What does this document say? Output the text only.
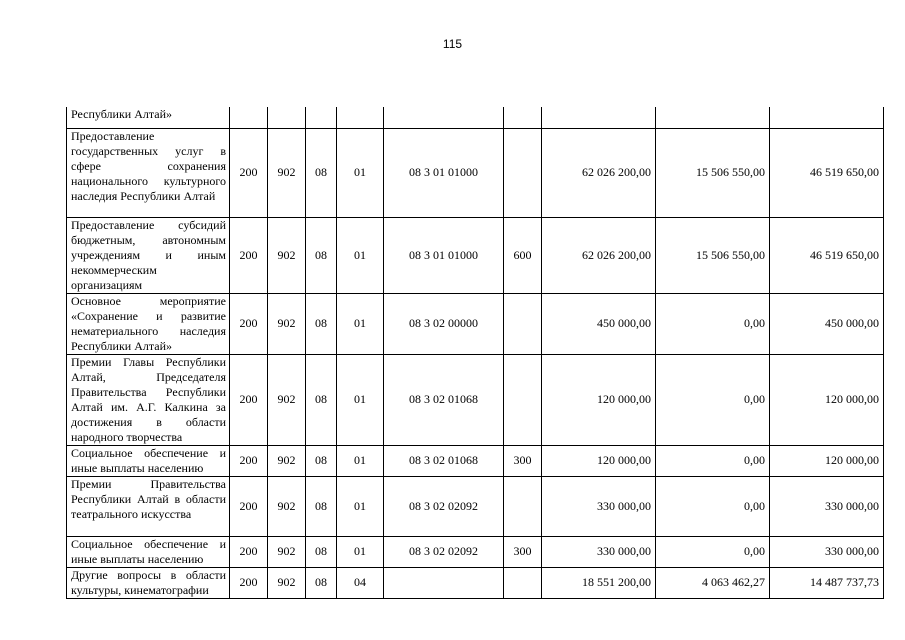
115
Республики Алтай»									
Предоставление государственных услуг в сфере сохранения национального культурного наследия Республики Алтай	200	902	08	01	08 3 01 01000		62 026 200,00	15 506 550,00	46 519 650,00
Предоставление субсидий бюджетным, автономным учреждениям и иным некоммерческим организациям	200	902	08	01	08 3 01 01000	600	62 026 200,00	15 506 550,00	46 519 650,00
Основное мероприятие «Сохранение и развитие нематериального наследия Республики Алтай»	200	902	08	01	08 3 02 00000		450 000,00	0,00	450 000,00
Премии Главы Республики Алтай, Председателя Правительства Республики Алтай им. А.Г. Калкина за достижения в области народного творчества	200	902	08	01	08 3 02 01068		120 000,00	0,00	120 000,00
Социальное обеспечение и иные выплаты населению	200	902	08	01	08 3 02 01068	300	120 000,00	0,00	120 000,00
Премии Правительства Республики Алтай в области театрального искусства	200	902	08	01	08 3 02 02092		330 000,00	0,00	330 000,00
Социальное обеспечение и иные выплаты населению	200	902	08	01	08 3 02 02092	300	330 000,00	0,00	330 000,00
Другие вопросы в области культуры, кинематографии	200	902	08	04			18 551 200,00	4 063 462,27	14 487 737,73
